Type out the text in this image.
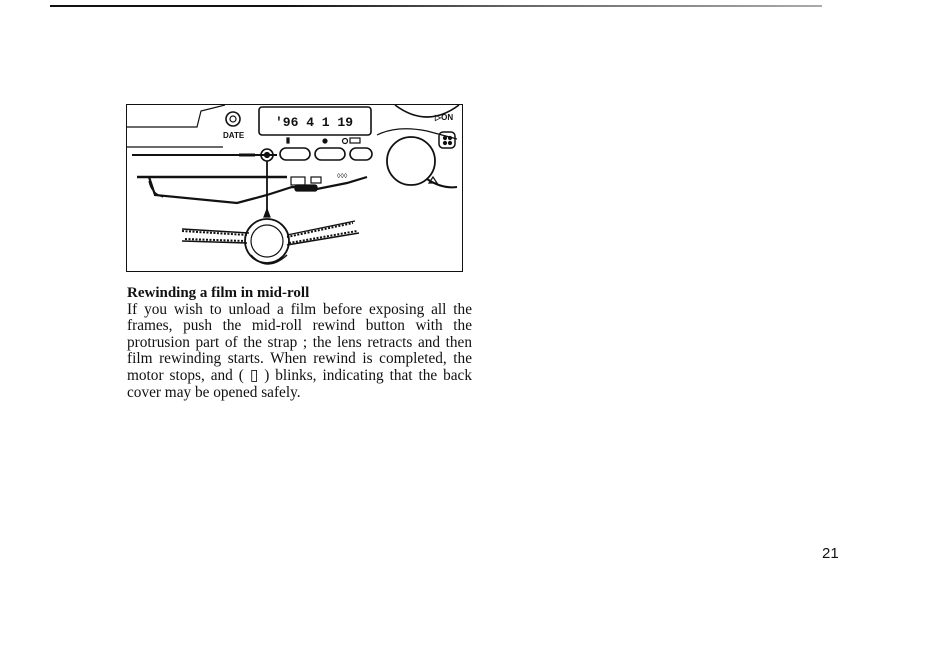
DATE
'96 4 1 19	▷ON
◊◊◊
Rewinding a film in mid-roll
If you wish to unload a film before exposing all the frames, push the mid-roll rewind button with the protrusion part of the strap ; the lens retracts and then film rewinding starts. When rewind is completed, the motor stops, and ( ▯ ) blinks, indicating that the back cover may be opened safely.
21
